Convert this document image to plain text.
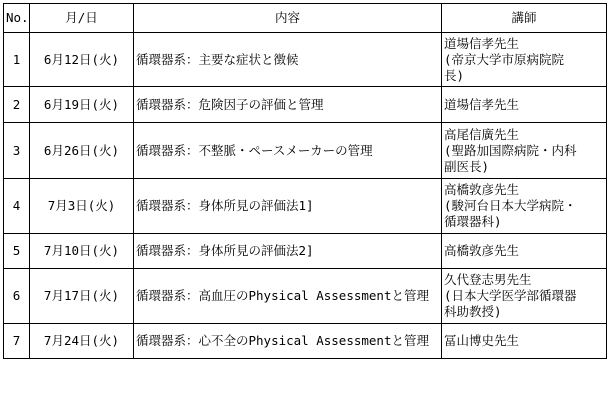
No.	月/日	内容	講師
1	6月12日(火)	循環器系：主要な症状と徴候	道場信孝先生
(帝京大学市原病院院
長)

2	6月19日(火)	循環器系：危険因子の評価と管理	道場信孝先生

3	6月26日(火)	循環器系：不整脈・ペースメーカーの管理	高尾信廣先生
(聖路加国際病院・内科
副医長)

4	7月3日(火)	循環器系：身体所見の評価法1]	高橋敦彦先生
(駿河台日本大学病院・
循環器科)

5	7月10日(火)	循環器系：身体所見の評価法2]	高橋敦彦先生

6	7月17日(火)	循環器系：高血圧のPhysical Assessmentと管理	久代登志男先生
(日本大学医学部循環器
科助教授)

7	7月24日(火)	循環器系：心不全のPhysical Assessmentと管理	冨山博史先生
